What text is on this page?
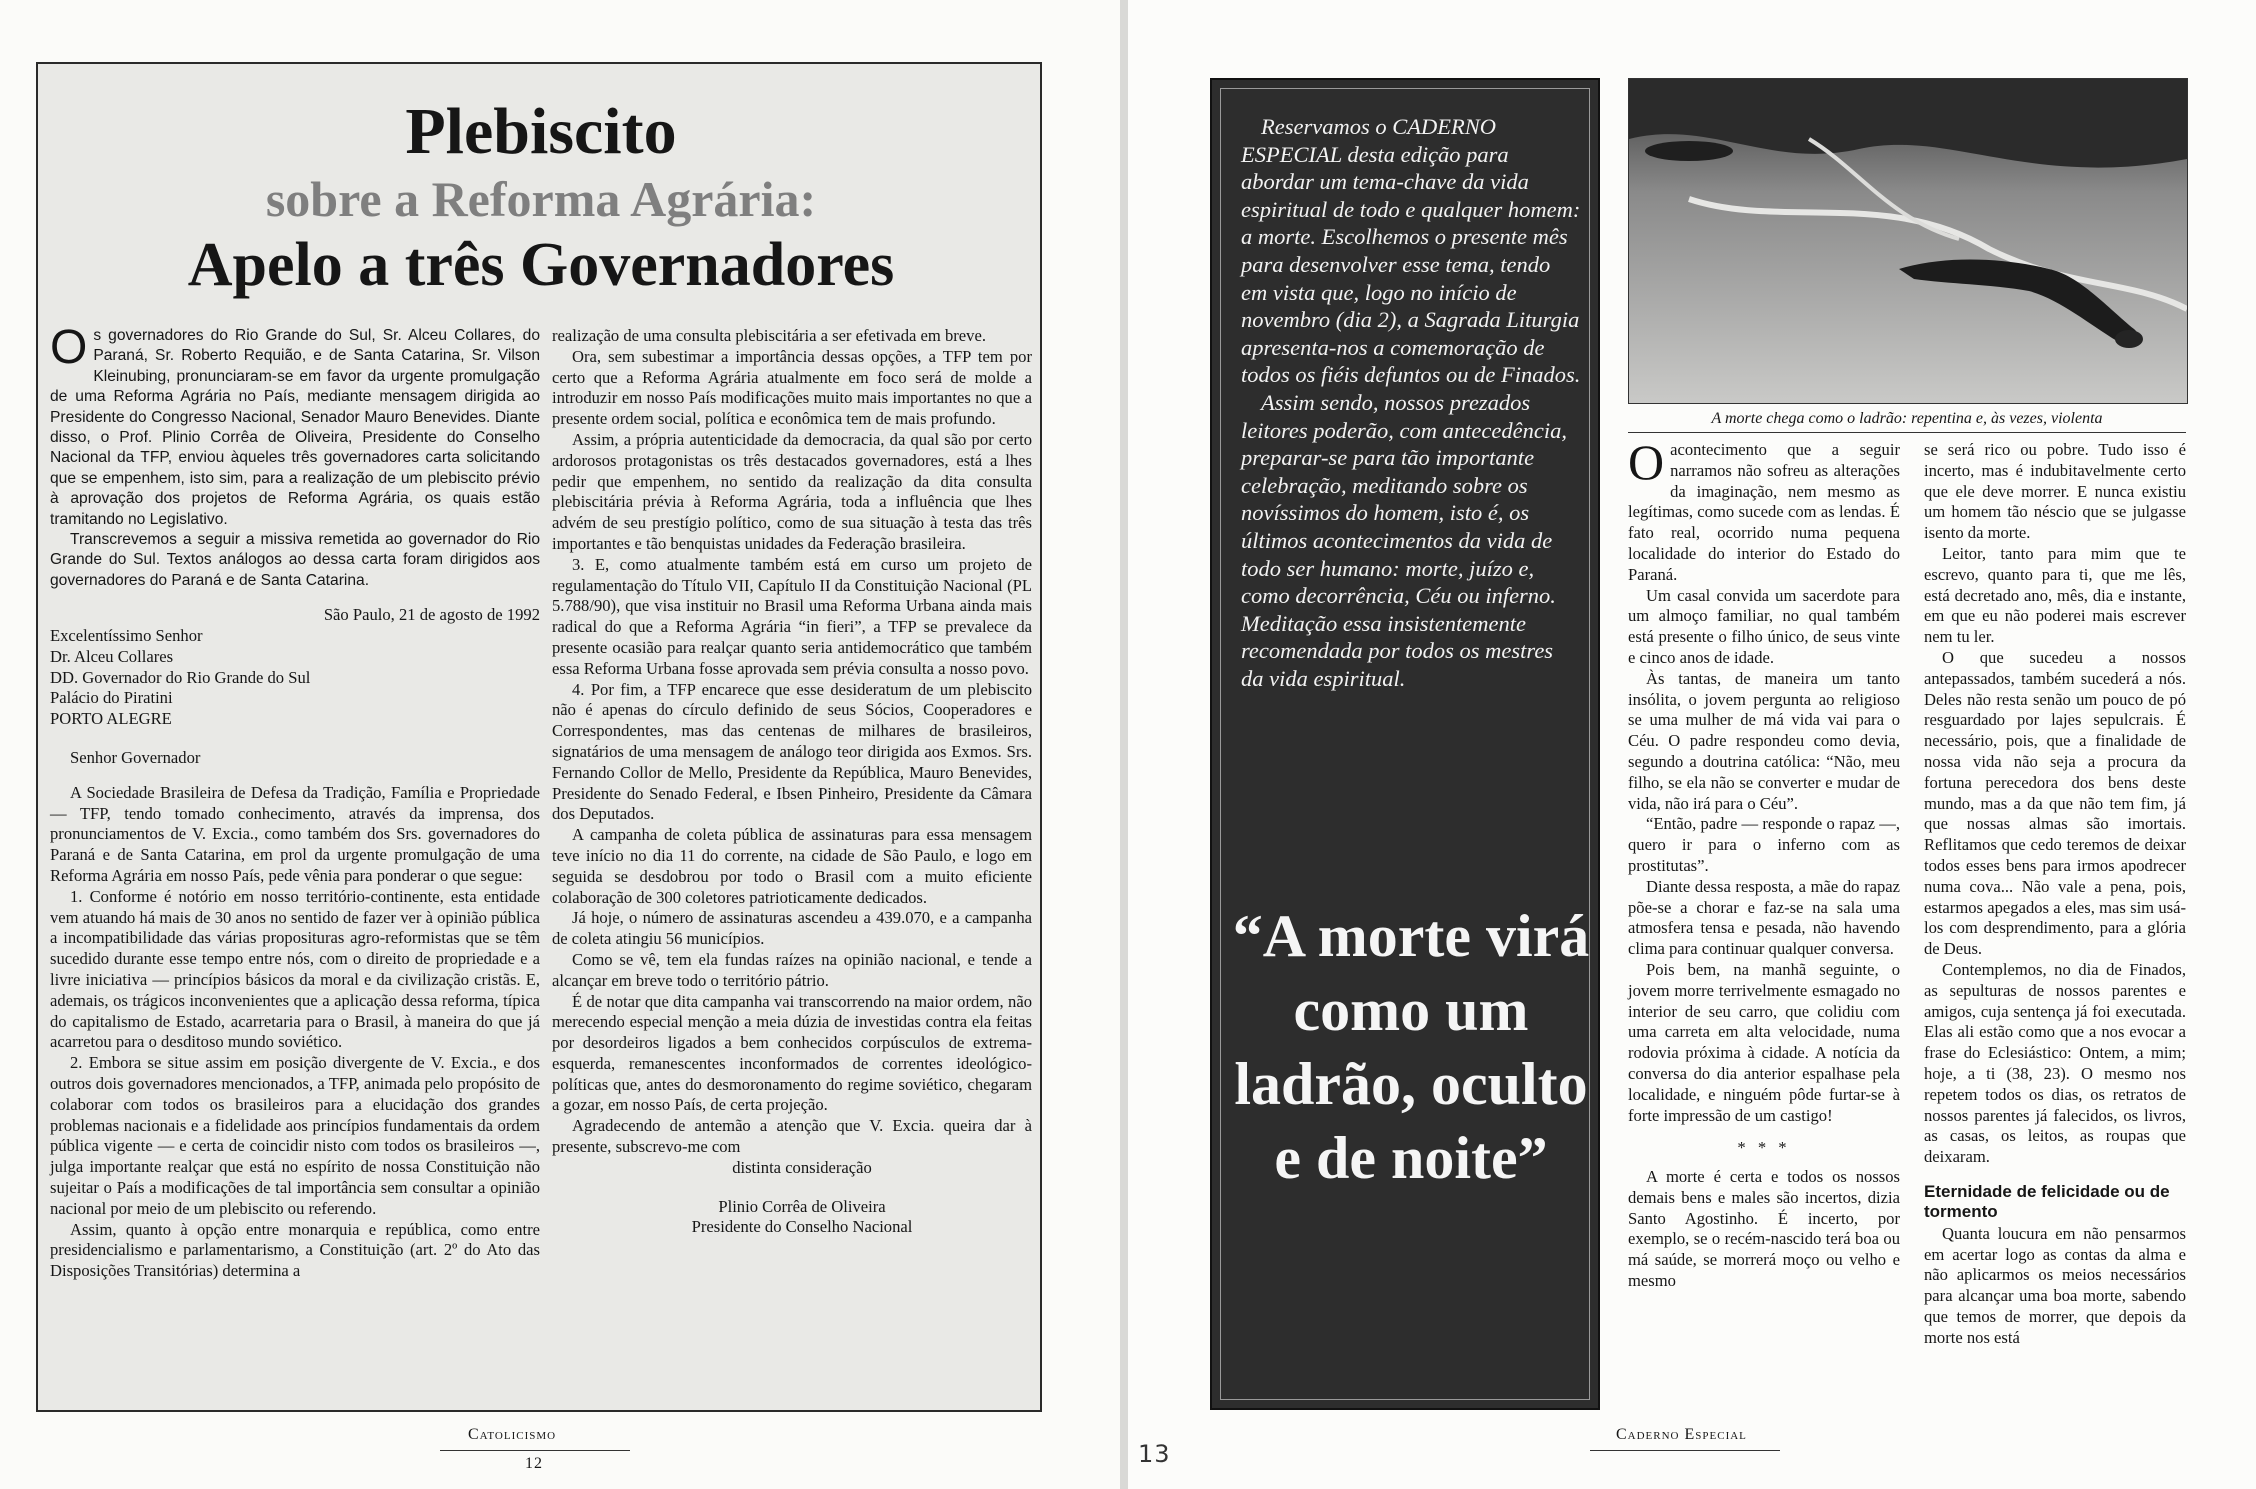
Plebiscito
sobre a Reforma Agrária:
Apelo a três Governadores

Os governadores do Rio Grande do Sul, Sr. Alceu Collares, do Paraná, Sr. Roberto Requião, e de Santa Catarina, Sr. Vilson Kleinubing, pronunciaram-se em favor da urgente promulgação de uma Reforma Agrária no País, mediante mensagem dirigida ao Presidente do Congresso Nacional, Senador Mauro Benevides. Diante disso, o Prof. Plinio Corrêa de Oliveira, Presidente do Conselho Nacional da TFP, enviou àqueles três governadores carta solicitando que se empenhem, isto sim, para a realização de um plebiscito prévio à aprovação dos projetos de Reforma Agrária, os quais estão tramitando no Legislativo.

Transcrevemos a seguir a missiva remetida ao governador do Rio Grande do Sul. Textos análogos ao dessa carta foram dirigidos aos governadores do Paraná e de Santa Catarina.

São Paulo, 21 de agosto de 1992

Excelentíssimo Senhor

Dr. Alceu Collares

DD. Governador do Rio Grande do Sul

Palácio do Piratini

PORTO ALEGRE

Senhor Governador

A Sociedade Brasileira de Defesa da Tradição, Família e Propriedade — TFP, tendo tomado conhecimento, através da imprensa, dos pronunciamentos de V. Excia., como também dos Srs. governadores do Paraná e de Santa Catarina, em prol da urgente promulgação de uma Reforma Agrária em nosso País, pede vênia para ponderar o que segue:

1. Conforme é notório em nosso território-continente, esta entidade vem atuando há mais de 30 anos no sentido de fazer ver à opinião pública a incompatibilidade das várias proposituras agro-reformistas que se têm sucedido durante esse tempo entre nós, com o direito de propriedade e a livre iniciativa — princípios básicos da moral e da civilização cristãs. E, ademais, os trágicos inconvenientes que a aplicação dessa reforma, típica do capitalismo de Estado, acarretaria para o Brasil, à maneira do que já acarretou para o desditoso mundo soviético.

2. Embora se situe assim em posição divergente de V. Excia., e dos outros dois governadores mencionados, a TFP, animada pelo propósito de colaborar com todos os brasileiros para a elucidação dos grandes problemas nacionais e a fidelidade aos princípios fundamentais da ordem pública vigente — e certa de coincidir nisto com todos os brasileiros —, julga importante realçar que está no espírito de nossa Constituição não sujeitar o País a modificações de tal importância sem consultar a opinião nacional por meio de um plebiscito ou referendo.

Assim, quanto à opção entre monarquia e república, como entre presidencialismo e parlamentarismo, a Constituição (art. 2º do Ato das Disposições Transitórias) determina a

realização de uma consulta plebiscitária a ser efetivada em breve.

Ora, sem subestimar a importância dessas opções, a TFP tem por certo que a Reforma Agrária atualmente em foco será de molde a introduzir em nosso País modificações muito mais importantes no que a presente ordem social, política e econômica tem de mais profundo.

Assim, a própria autenticidade da democracia, da qual são por certo ardorosos protagonistas os três destacados governadores, está a lhes pedir que empenhem, no sentido da realização da dita consulta plebiscitária prévia à Reforma Agrária, toda a influência que lhes advém de seu prestígio político, como de sua situação à testa das três importantes e tão benquistas unidades da Federação brasileira.

3. E, como atualmente também está em curso um projeto de regulamentação do Título VII, Capítulo II da Constituição Nacional (PL 5.788/90), que visa instituir no Brasil uma Reforma Urbana ainda mais radical do que a Reforma Agrária “in fieri”, a TFP se prevalece da presente ocasião para realçar quanto seria antidemocrático que também essa Reforma Urbana fosse aprovada sem prévia consulta a nosso povo.

4. Por fim, a TFP encarece que esse desideratum de um plebiscito não é apenas do círculo definido de seus Sócios, Cooperadores e Correspondentes, mas das centenas de milhares de brasileiros, signatários de uma mensagem de análogo teor dirigida aos Exmos. Srs. Fernando Collor de Mello, Presidente da República, Mauro Benevides, Presidente do Senado Federal, e Ibsen Pinheiro, Presidente da Câmara dos Deputados.

A campanha de coleta pública de assinaturas para essa mensagem teve início no dia 11 do corrente, na cidade de São Paulo, e logo em seguida se desdobrou por todo o Brasil com a muito eficiente colaboração de 300 coletores patrioticamente dedicados.

Já hoje, o número de assinaturas ascendeu a 439.070, e a campanha de coleta atingiu 56 municípios.

Como se vê, tem ela fundas raízes na opinião nacional, e tende a alcançar em breve todo o território pátrio.

É de notar que dita campanha vai transcorrendo na maior ordem, não merecendo especial menção a meia dúzia de investidas contra ela feitas por desordeiros ligados a bem conhecidos corpúsculos de extrema-esquerda, remanescentes inconformados de correntes ideológico-políticas que, antes do desmoronamento do regime soviético, chegaram a gozar, em nosso País, de certa projeção.

Agradecendo de antemão a atenção que V. Excia. queira dar à presente, subscrevo-me com

distinta consideração

Plinio Corrêa de Oliveira

Presidente do Conselho Nacional

Catolicismo
12

Reservamos o CADERNO ESPECIAL desta edição para abordar um tema-chave da vida espiritual de todo e qualquer homem: a morte. Escolhemos o presente mês para desenvolver esse tema, tendo em vista que, logo no início de novembro (dia 2), a Sagrada Liturgia apresenta-nos a comemoração de todos os fiéis defuntos ou de Finados.

Assim sendo, nossos prezados leitores poderão, com antecedência, preparar-se para tão importante celebração, meditando sobre os novíssimos do homem, isto é, os últimos acontecimentos da vida de todo ser humano: morte, juízo e, como decorrência, Céu ou inferno. Meditação essa insistentemente recomendada por todos os mestres da vida espiritual.

“A morte virá como um ladrão, oculto e de noite”
A morte chega como o ladrão: repentina e, às vezes, violenta

Oacontecimento que a seguir narramos não sofreu as alterações da imaginação, nem mesmo as legítimas, como sucede com as lendas. É fato real, ocorrido numa pequena localidade do interior do Estado do Paraná.

Um casal convida um sacerdote para um almoço familiar, no qual também está presente o filho único, de seus vinte e cinco anos de idade.

Às tantas, de maneira um tanto insólita, o jovem pergunta ao religioso se uma mulher de má vida vai para o Céu. O padre respondeu como devia, segundo a doutrina católica: “Não, meu filho, se ela não se converter e mudar de vida, não irá para o Céu”.

“Então, padre — responde o rapaz —, quero ir para o inferno com as prostitutas”.

Diante dessa resposta, a mãe do rapaz põe-se a chorar e faz-se na sala uma atmosfera tensa e pesada, não havendo clima para continuar qualquer conversa.

Pois bem, na manhã seguinte, o jovem morre terrivelmente esmagado no interior de seu carro, que colidiu com uma carreta em alta velocidade, numa rodovia próxima à cidade. A notícia da conversa do dia anterior espalhase pela localidade, e ninguém pôde furtar-se à forte impressão de um castigo!

* * *

A morte é certa e todos os nossos demais bens e males são incertos, dizia Santo Agostinho. É incerto, por exemplo, se o recém-nascido terá boa ou má saúde, se morrerá moço ou velho e mesmo

se será rico ou pobre. Tudo isso é incerto, mas é indubitavelmente certo que ele deve morrer. E nunca existiu um homem tão néscio que se julgasse isento da morte.

Leitor, tanto para mim que te escrevo, quanto para ti, que me lês, está decretado ano, mês, dia e instante, em que eu não poderei mais escrever nem tu ler.

O que sucedeu a nossos antepassados, também sucederá a nós. Deles não resta senão um pouco de pó resguardado por lajes sepulcrais. É necessário, pois, que a finalidade de nossa vida não seja a procura da fortuna perecedora dos bens deste mundo, mas a da que não tem fim, já que nossas almas são imortais. Reflitamos que cedo teremos de deixar todos esses bens para irmos apodrecer numa cova... Não vale a pena, pois, estarmos apegados a eles, mas sim usá-los com desprendimento, para a glória de Deus.

Contemplemos, no dia de Finados, as sepulturas de nossos parentes e amigos, cuja sentença já foi executada. Elas ali estão como que a nos evocar a frase do Eclesiástico: Ontem, a mim; hoje, a ti (38, 23). O mesmo nos repetem todos os dias, os retratos de nossos parentes já falecidos, os livros, as casas, os leitos, as roupas que deixaram.

Eternidade de felicidade ou de tormento

Quanta loucura em não pensarmos em acertar logo as contas da alma e não aplicarmos os meios necessários para alcançar uma boa morte, sabendo que temos de morrer, que depois da morte nos está

Caderno Especial
13
